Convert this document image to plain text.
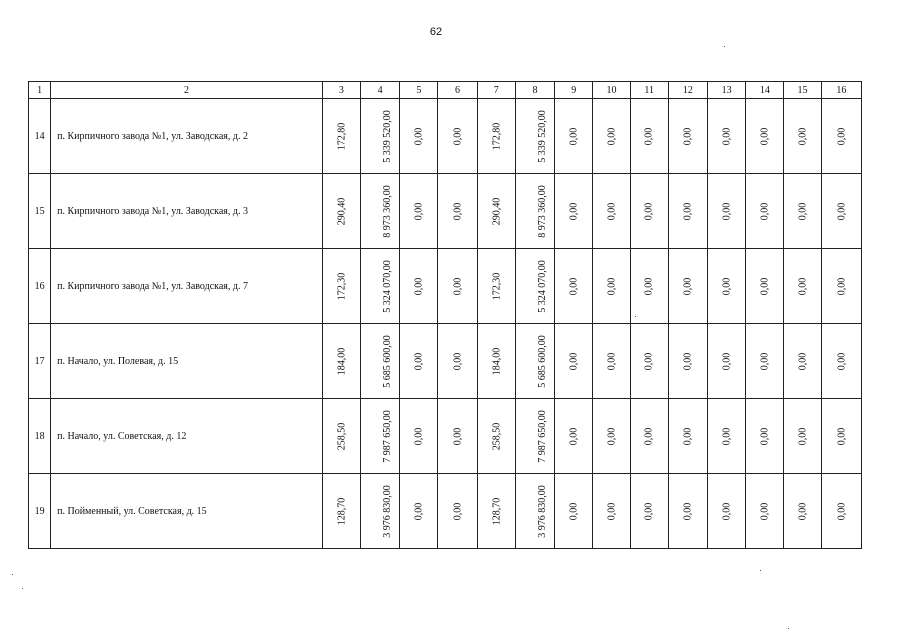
62
1	2	3	4	5	6	7	8	9	10	11	12	13	14	15	16
14	п. Кирпичного завода №1, ул. Заводская, д. 2	172,80	5 339 520,00	0,00	0,00	172,80	5 339 520,00	0,00	0,00	0,00	0,00	0,00	0,00	0,00	0,00
15	п. Кирпичного завода №1, ул. Заводская, д. 3	290,40	8 973 360,00	0,00	0,00	290,40	8 973 360,00	0,00	0,00	0,00	0,00	0,00	0,00	0,00	0,00
16	п. Кирпичного завода №1, ул. Заводская, д. 7	172,30	5 324 070,00	0,00	0,00	172,30	5 324 070,00	0,00	0,00	0,00	0,00	0,00	0,00	0,00	0,00
17	п. Начало, ул. Полевая, д. 15	184,00	5 685 600,00	0,00	0,00	184,00	5 685 600,00	0,00	0,00	0,00	0,00	0,00	0,00	0,00	0,00
18	п. Начало, ул. Советская, д. 12	258,50	7 987 650,00	0,00	0,00	258,50	7 987 650,00	0,00	0,00	0,00	0,00	0,00	0,00	0,00	0,00
19	п. Пойменный, ул. Советская, д. 15	128,70	3 976 830,00	0,00	0,00	128,70	3 976 830,00	0,00	0,00	0,00	0,00	0,00	0,00	0,00	0,00
